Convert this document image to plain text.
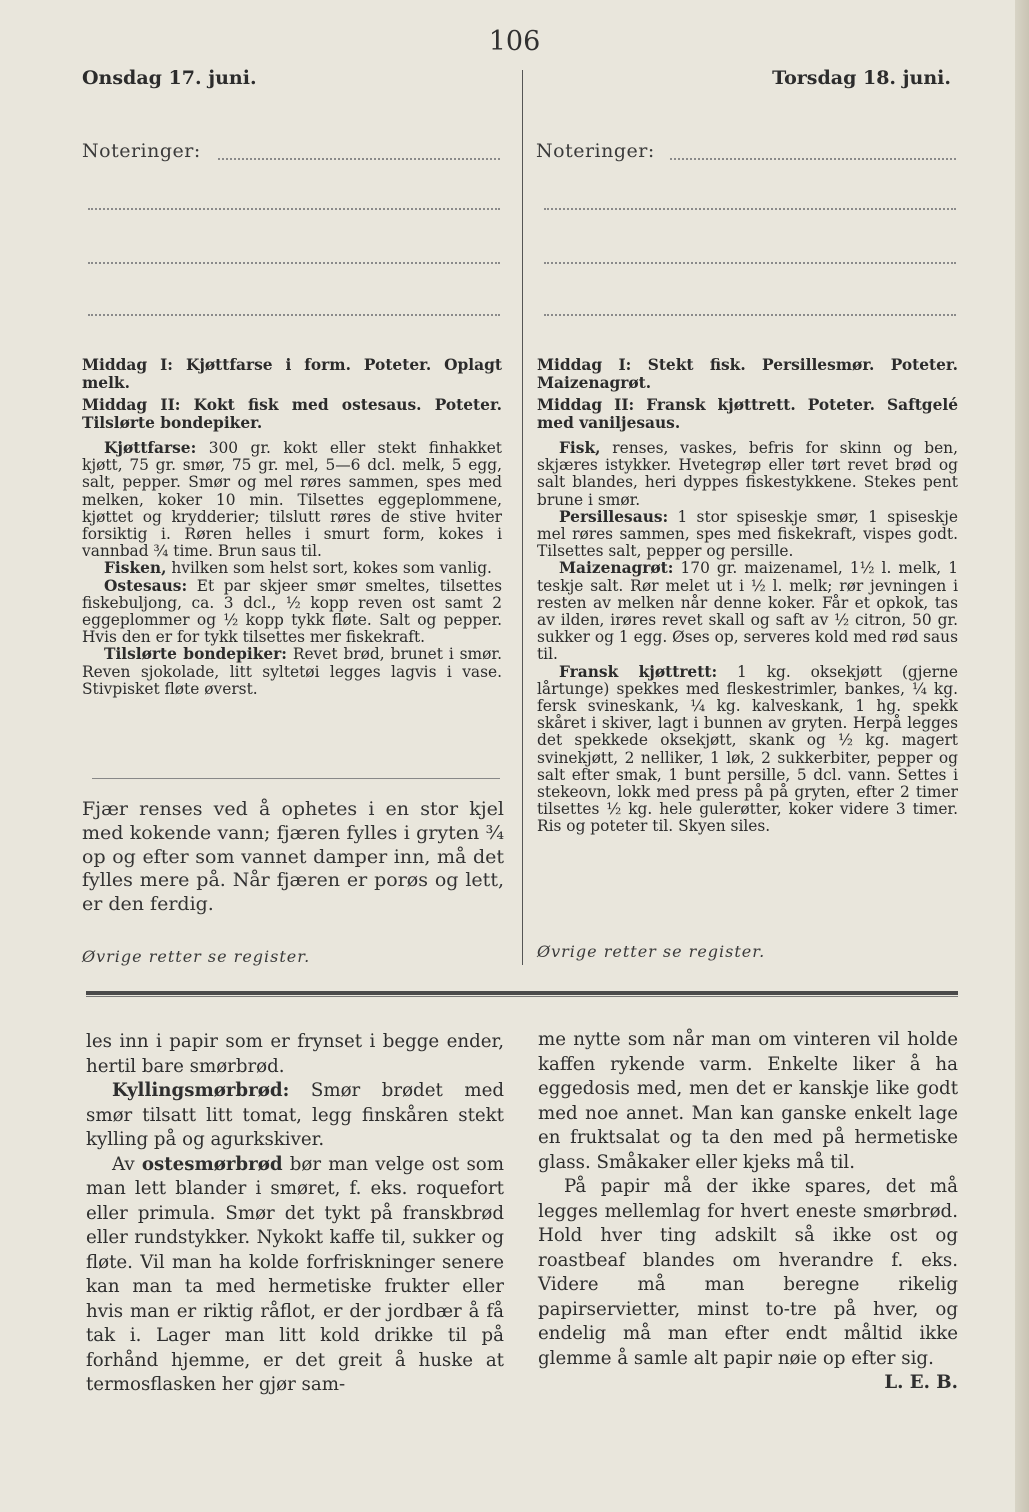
106
Onsdag 17. juni.	Torsdag 18. juni.
Noteringer:	Noteringer:

Middag I: Kjøttfarse i form. Poteter. Oplagt melk.

Middag II: Kokt fisk med ostesaus. Poteter. Tilslørte bondepiker.

Kjøttfarse: 300 gr. kokt eller stekt finhakket kjøtt, 75 gr. smør, 75 gr. mel, 5—6 dcl. melk, 5 egg, salt, pepper. Smør og mel røres sammen, spes med melken, koker 10 min. Tilsettes eggeplommene, kjøttet og krydderier; tilslutt røres de stive hviter forsiktig i. Røren helles i smurt form, kokes i vannbad ¾ time. Brun saus til.

Fisken, hvilken som helst sort, kokes som vanlig.

Ostesaus: Et par skjeer smør smeltes, tilsettes fiskebuljong, ca. 3 dcl., ½ kopp reven ost samt 2 eggeplommer og ½ kopp tykk fløte. Salt og pepper. Hvis den er for tykk tilsettes mer fiskekraft.

Tilslørte bondepiker: Revet brød, brunet i smør. Reven sjokolade, litt syltetøi legges lagvis i vase. Stivpisket fløte øverst.

Fjær renses ved å ophetes i en stor kjel med kokende vann; fjæren fylles i gryten ¾ op og efter som vannet damper inn, må det fylles mere på. Når fjæren er porøs og lett, er den ferdig.

Øvrige retter se register.

Middag I: Stekt fisk. Persillesmør. Poteter. Maizenagrøt.

Middag II: Fransk kjøttrett. Poteter. Saftgelé med vaniljesaus.

Fisk, renses, vaskes, befris for skinn og ben, skjæres istykker. Hvetegrøp eller tørt revet brød og salt blandes, heri dyppes fiskestykkene. Stekes pent brune i smør.

Persillesaus: 1 stor spiseskje smør, 1 spiseskje mel røres sammen, spes med fiskekraft, vispes godt. Tilsettes salt, pepper og persille.

Maizenagrøt: 170 gr. maizenamel, 1½ l. melk, 1 teskje salt. Rør melet ut i ½ l. melk; rør jevningen i resten av melken når denne koker. Får et opkok, tas av ilden, irøres revet skall og saft av ½ citron, 50 gr. sukker og 1 egg. Øses op, serveres kold med rød saus til.

Fransk kjøttrett: 1 kg. oksekjøtt (gjerne lårtunge) spekkes med fleskestrimler, bankes, ¼ kg. fersk svineskank, ¼ kg. kalveskank, 1 hg. spekk skåret i skiver, lagt i bunnen av gryten. Herpå legges det spekkede oksekjøtt, skank og ½ kg. magert svinekjøtt, 2 nelliker, 1 løk, 2 sukkerbiter, pepper og salt efter smak, 1 bunt persille, 5 dcl. vann. Settes i stekeovn, lokk med press på på gryten, efter 2 timer tilsettes ½ kg. hele gulerøtter, koker videre 3 timer. Ris og poteter til. Skyen siles.

Øvrige retter se register.

les inn i papir som er frynset i begge ender, hertil bare smørbrød.

Kyllingsmørbrød: Smør brødet med smør tilsatt litt tomat, legg finskåren stekt kylling på og agurkskiver.

Av ostesmørbrød bør man velge ost som man lett blander i smøret, f. eks. roquefort eller primula. Smør det tykt på franskbrød eller rundstykker. Nykokt kaffe til, sukker og fløte. Vil man ha kolde forfriskninger senere kan man ta med hermetiske frukter eller hvis man er riktig råflot, er der jordbær å få tak i. Lager man litt kold drikke til på forhånd hjemme, er det greit å huske at termosflasken her gjør sam-

me nytte som når man om vinteren vil holde kaffen rykende varm. Enkelte liker å ha eggedosis med, men det er kanskje like godt med noe annet. Man kan ganske enkelt lage en fruktsalat og ta den med på hermetiske glass. Småkaker eller kjeks må til.

På papir må der ikke spares, det må legges mellemlag for hvert eneste smørbrød. Hold hver ting adskilt så ikke ost og roastbeaf blandes om hverandre f. eks. Videre må man beregne rikelig papirservietter, minst to-tre på hver, og endelig må man efter endt måltid ikke glemme å samle alt papir nøie op efter sig.
L. E. B.
